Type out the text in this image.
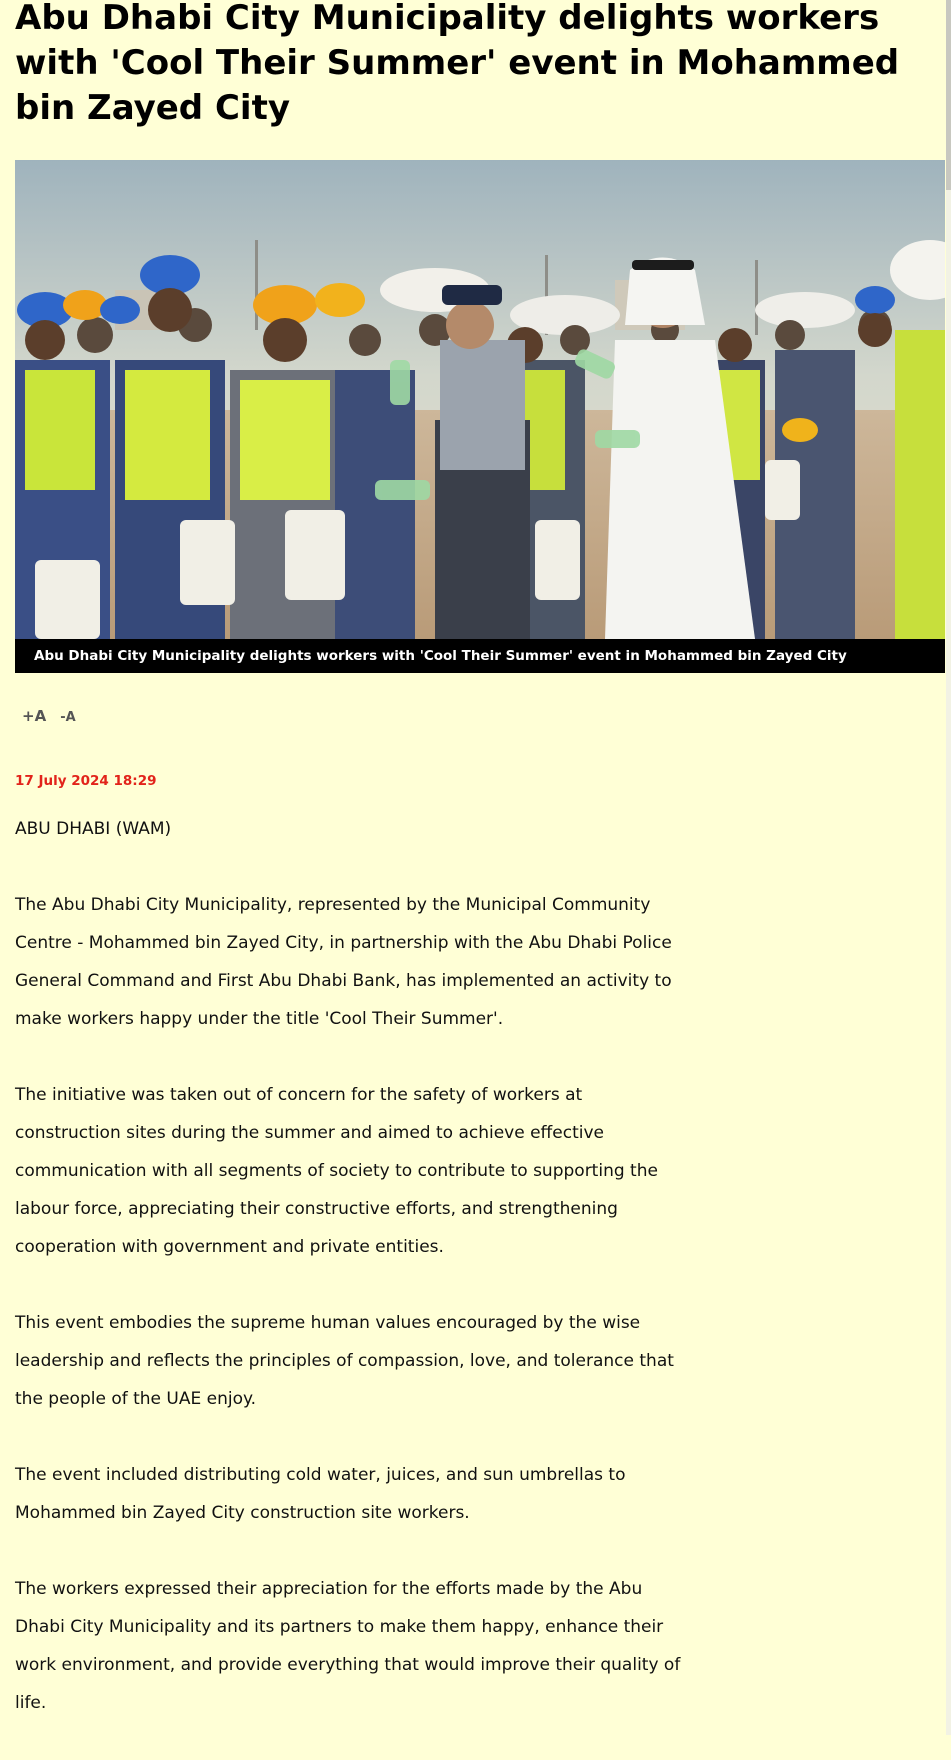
Abu Dhabi City Municipality delights workers with 'Cool Their Summer' event in Mohammed bin Zayed City
Abu Dhabi City Municipality delights workers with 'Cool Their Summer' event in Mohammed bin Zayed City
+A -A
17 July 2024 18:29

ABU DHABI (WAM)

The Abu Dhabi City Municipality, represented by the Municipal Community Centre - Mohammed bin Zayed City, in partnership with the Abu Dhabi Police General Command and First Abu Dhabi Bank, has implemented an activity to make workers happy under the title 'Cool Their Summer'.

The initiative was taken out of concern for the safety of workers at construction sites during the summer and aimed to achieve effective communication with all segments of society to contribute to supporting the labour force, appreciating their constructive efforts, and strengthening cooperation with government and private entities.

This event embodies the supreme human values encouraged by the wise leadership and reflects the principles of compassion, love, and tolerance that the people of the UAE enjoy.

The event included distributing cold water, juices, and sun umbrellas to Mohammed bin Zayed City construction site workers.

The workers expressed their appreciation for the efforts made by the Abu Dhabi City Municipality and its partners to make them happy, enhance their work environment, and provide everything that would improve their quality of life.
